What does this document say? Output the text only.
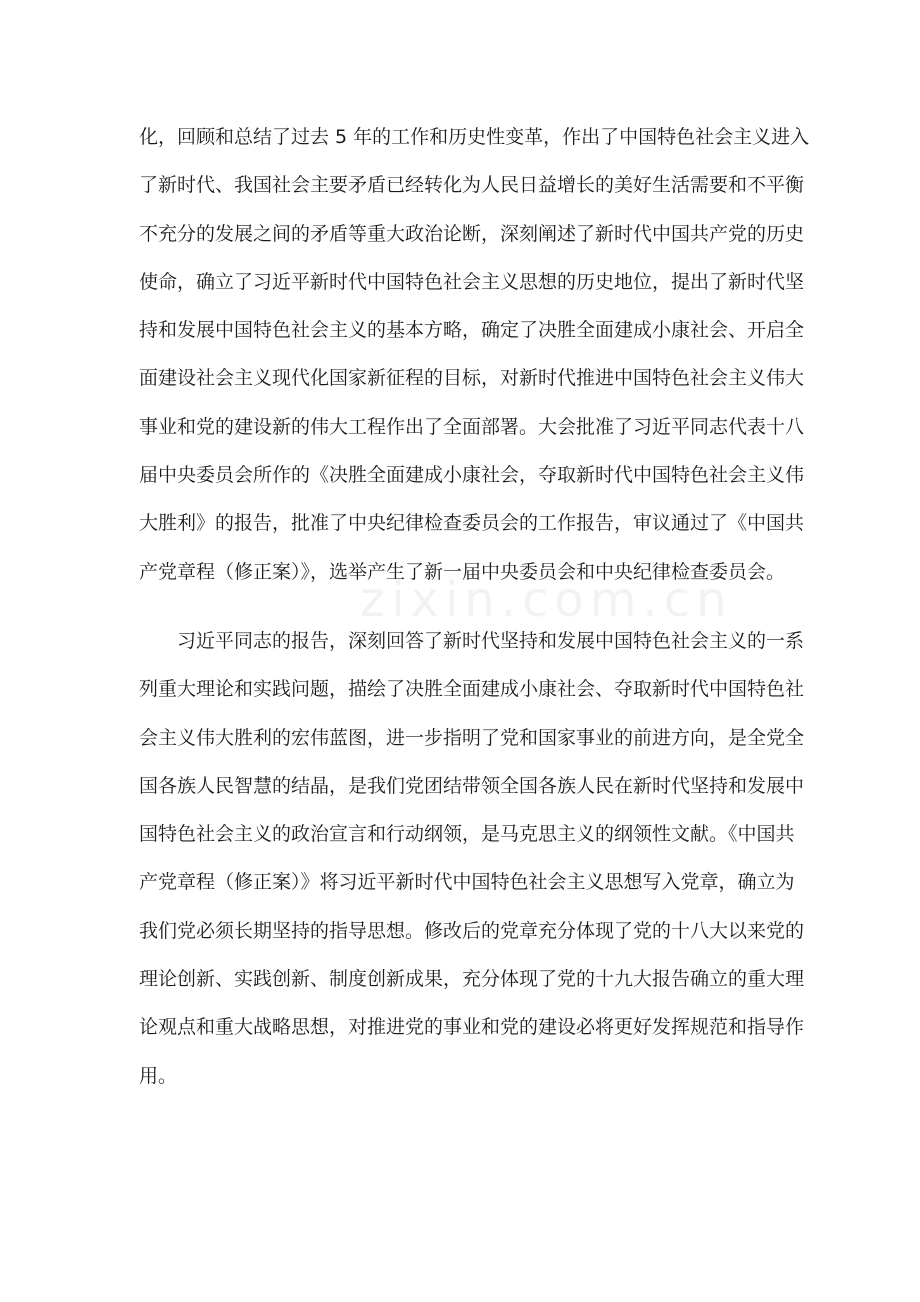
zixin.com.cn
化，回顾和总结了过去 5 年的工作和历史性变革，作出了中国特色社会主义进入
了新时代、我国社会主要矛盾已经转化为人民日益增长的美好生活需要和不平衡
不充分的发展之间的矛盾等重大政治论断，深刻阐述了新时代中国共产党的历史
使命，确立了习近平新时代中国特色社会主义思想的历史地位，提出了新时代坚
持和发展中国特色社会主义的基本方略，确定了决胜全面建成小康社会、开启全
面建设社会主义现代化国家新征程的目标，对新时代推进中国特色社会主义伟大
事业和党的建设新的伟大工程作出了全面部署。大会批准了习近平同志代表十八
届中央委员会所作的《决胜全面建成小康社会，夺取新时代中国特色社会主义伟
大胜利》的报告，批准了中央纪律检查委员会的工作报告，审议通过了《中国共
产党章程（修正案）》，选举产生了新一届中央委员会和中央纪律检查委员会。
　　习近平同志的报告，深刻回答了新时代坚持和发展中国特色社会主义的一系
列重大理论和实践问题，描绘了决胜全面建成小康社会、夺取新时代中国特色社
会主义伟大胜利的宏伟蓝图，进一步指明了党和国家事业的前进方向，是全党全
国各族人民智慧的结晶，是我们党团结带领全国各族人民在新时代坚持和发展中
国特色社会主义的政治宣言和行动纲领，是马克思主义的纲领性文献。《中国共
产党章程（修正案）》将习近平新时代中国特色社会主义思想写入党章，确立为
我们党必须长期坚持的指导思想。修改后的党章充分体现了党的十八大以来党的
理论创新、实践创新、制度创新成果，充分体现了党的十九大报告确立的重大理
论观点和重大战略思想，对推进党的事业和党的建设必将更好发挥规范和指导作
用。
